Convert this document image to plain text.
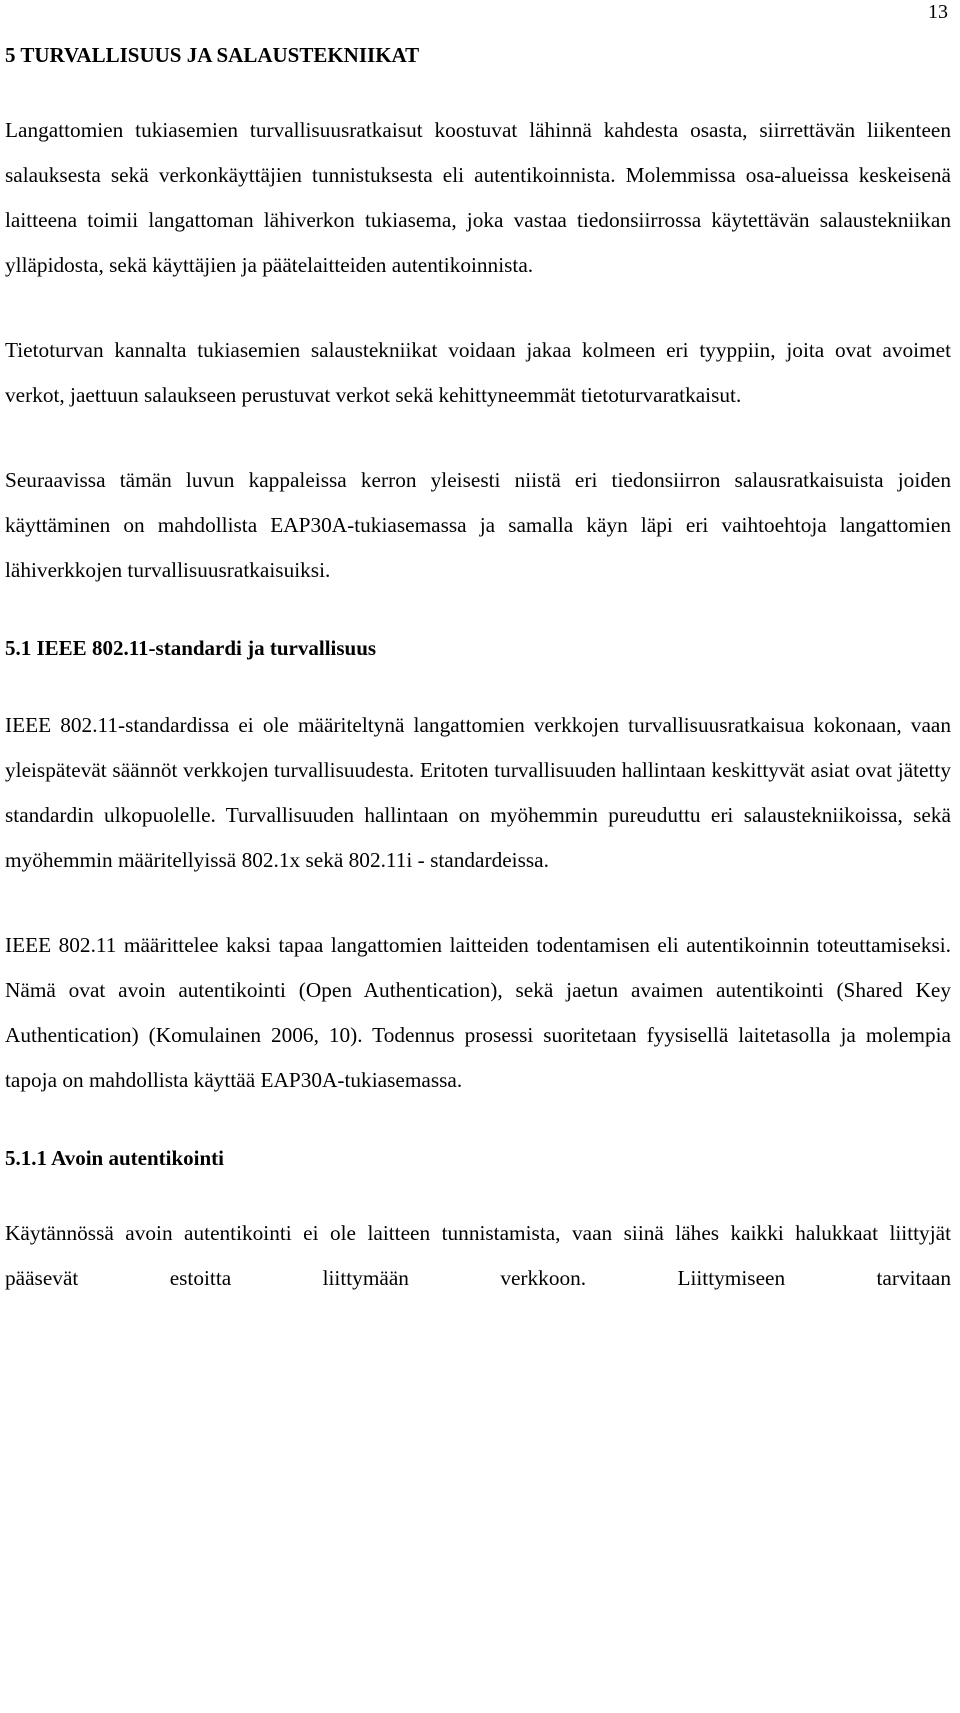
13
5 TURVALLISUUS JA SALAUSTEKNIIKAT

Langattomien tukiasemien turvallisuusratkaisut koostuvat lähinnä kahdesta osasta, siirrettävän liikenteen salauksesta sekä verkonkäyttäjien tunnistuksesta eli autentikoinnista. Molemmissa osa-alueissa keskeisenä laitteena toimii langattoman lähiverkon tukiasema, joka vastaa tiedonsiirrossa käytettävän salaustekniikan ylläpidosta, sekä käyttäjien ja päätelaitteiden autentikoinnista.

Tietoturvan kannalta tukiasemien salaustekniikat voidaan jakaa kolmeen eri tyyppiin, joita ovat avoimet verkot, jaettuun salaukseen perustuvat verkot sekä kehittyneemmät tietoturvaratkaisut.

Seuraavissa tämän luvun kappaleissa kerron yleisesti niistä eri tiedonsiirron salausratkaisuista joiden käyttäminen on mahdollista EAP30A-tukiasemassa ja samalla käyn läpi eri vaihtoehtoja langattomien lähiverkkojen turvallisuusratkaisuiksi.

5.1 IEEE 802.11-standardi ja turvallisuus

IEEE 802.11-standardissa ei ole määriteltynä langattomien verkkojen turvallisuusratkaisua kokonaan, vaan yleispätevät säännöt verkkojen turvallisuudesta. Eritoten turvallisuuden hallintaan keskittyvät asiat ovat jätetty standardin ulkopuolelle. Turvallisuuden hallintaan on myöhemmin pureuduttu eri salaustekniikoissa, sekä myöhemmin määritellyissä 802.1x sekä 802.11i - standardeissa.

IEEE 802.11 määrittelee kaksi tapaa langattomien laitteiden todentamisen eli autentikoinnin toteuttamiseksi. Nämä ovat avoin autentikointi (Open Authentication), sekä jaetun avaimen autentikointi (Shared Key Authentication) (Komulainen 2006, 10). Todennus prosessi suoritetaan fyysisellä laitetasolla ja molempia tapoja on mahdollista käyttää EAP30A-tukiasemassa.

5.1.1 Avoin autentikointi

Käytännössä avoin autentikointi ei ole laitteen tunnistamista, vaan siinä lähes kaikki halukkaat liittyjät pääsevät estoitta liittymään verkkoon. Liittymiseen tarvitaan
